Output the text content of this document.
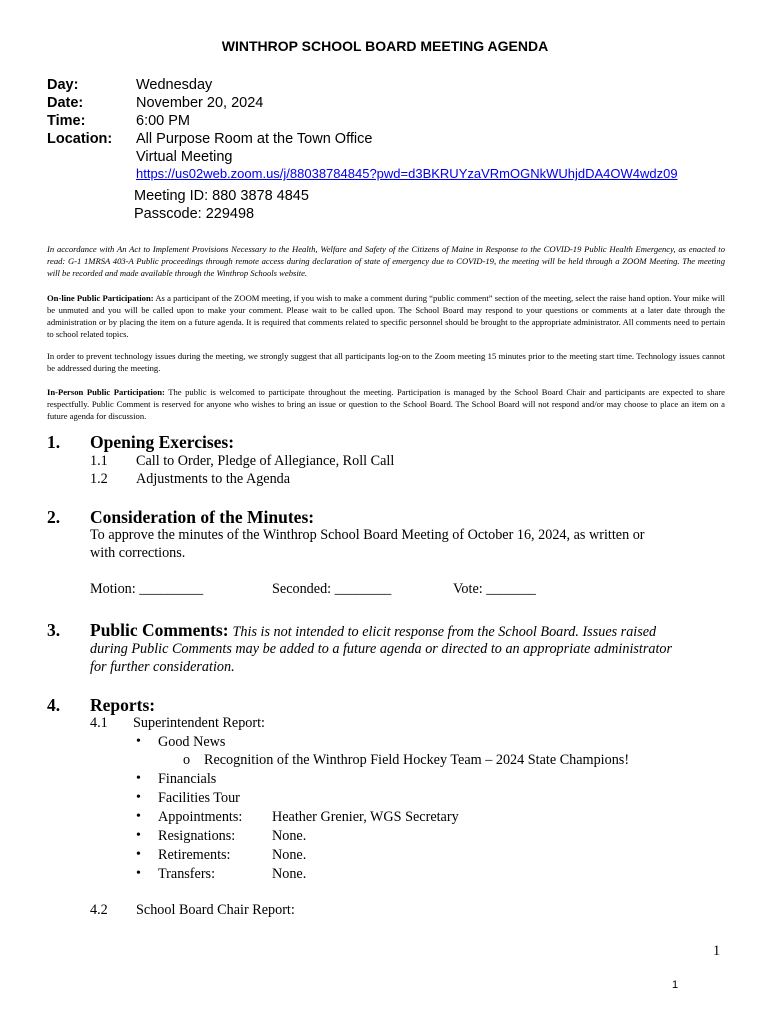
WINTHROP SCHOOL BOARD MEETING AGENDA
Day:	Wednesday
Date:	November 20, 2024
Time:	6:00 PM
Location: All Purpose Room at the Town Office
Virtual Meeting
https://us02web.zoom.us/j/88038784845?pwd=d3BKRUYzaVRmOGNkWUhjdDA4OW4wdz09
Meeting ID: 880 3878 4845
Passcode: 229498
In accordance with An Act to Implement Provisions Necessary to the Health, Welfare and Safety of the Citizens of Maine in Response to the COVID-19 Public Health Emergency, as enacted to read: G-1 1MRSA 403-A Public proceedings through remote access during declaration of state of emergency due to COVID-19, the meeting will be held through a ZOOM Meeting. The meeting will be recorded and made available through the Winthrop Schools website.
On-line Public Participation: As a participant of the ZOOM meeting, if you wish to make a comment during “public comment” section of the meeting, select the raise hand option. Your mike will be unmuted and you will be called upon to make your comment. Please wait to be called upon. The School Board may respond to your questions or comments at a later date through the administration or by placing the item on a future agenda. It is required that comments related to specific personnel should be brought to the appropriate administrator. All comments need to pertain to school related topics.
In order to prevent technology issues during the meeting, we strongly suggest that all participants log-on to the Zoom meeting 15 minutes prior to the meeting start time. Technology issues cannot be addressed during the meeting.
In-Person Public Participation: The public is welcomed to participate throughout the meeting. Participation is managed by the School Board Chair and participants are expected to share respectfully. Public Comment is reserved for anyone who wishes to bring an issue or question to the School Board. The School Board will not respond and/or may choose to place an item on a future agenda for discussion.
1. Opening Exercises:
1.1 Call to Order, Pledge of Allegiance, Roll Call
1.2 Adjustments to the Agenda
2. Consideration of the Minutes:
To approve the minutes of the Winthrop School Board Meeting of October 16, 2024, as written or
with corrections.
Motion: _________	Seconded: ________	Vote: _______
3. Public Comments: This is not intended to elicit response from the School Board. Issues raised
during Public Comments may be added to a future agenda or directed to an appropriate administrator
for further consideration.
4. Reports:
4.1 Superintendent Report:
• Good News
o Recognition of the Winthrop Field Hockey Team – 2024 State Champions!
• Financials
• Facilities Tour
• Appointments: Heather Grenier, WGS Secretary
• Resignations:	None.
• Retirements:	None.
• Transfers:	None.
4.2 School Board Chair Report:
1
1
